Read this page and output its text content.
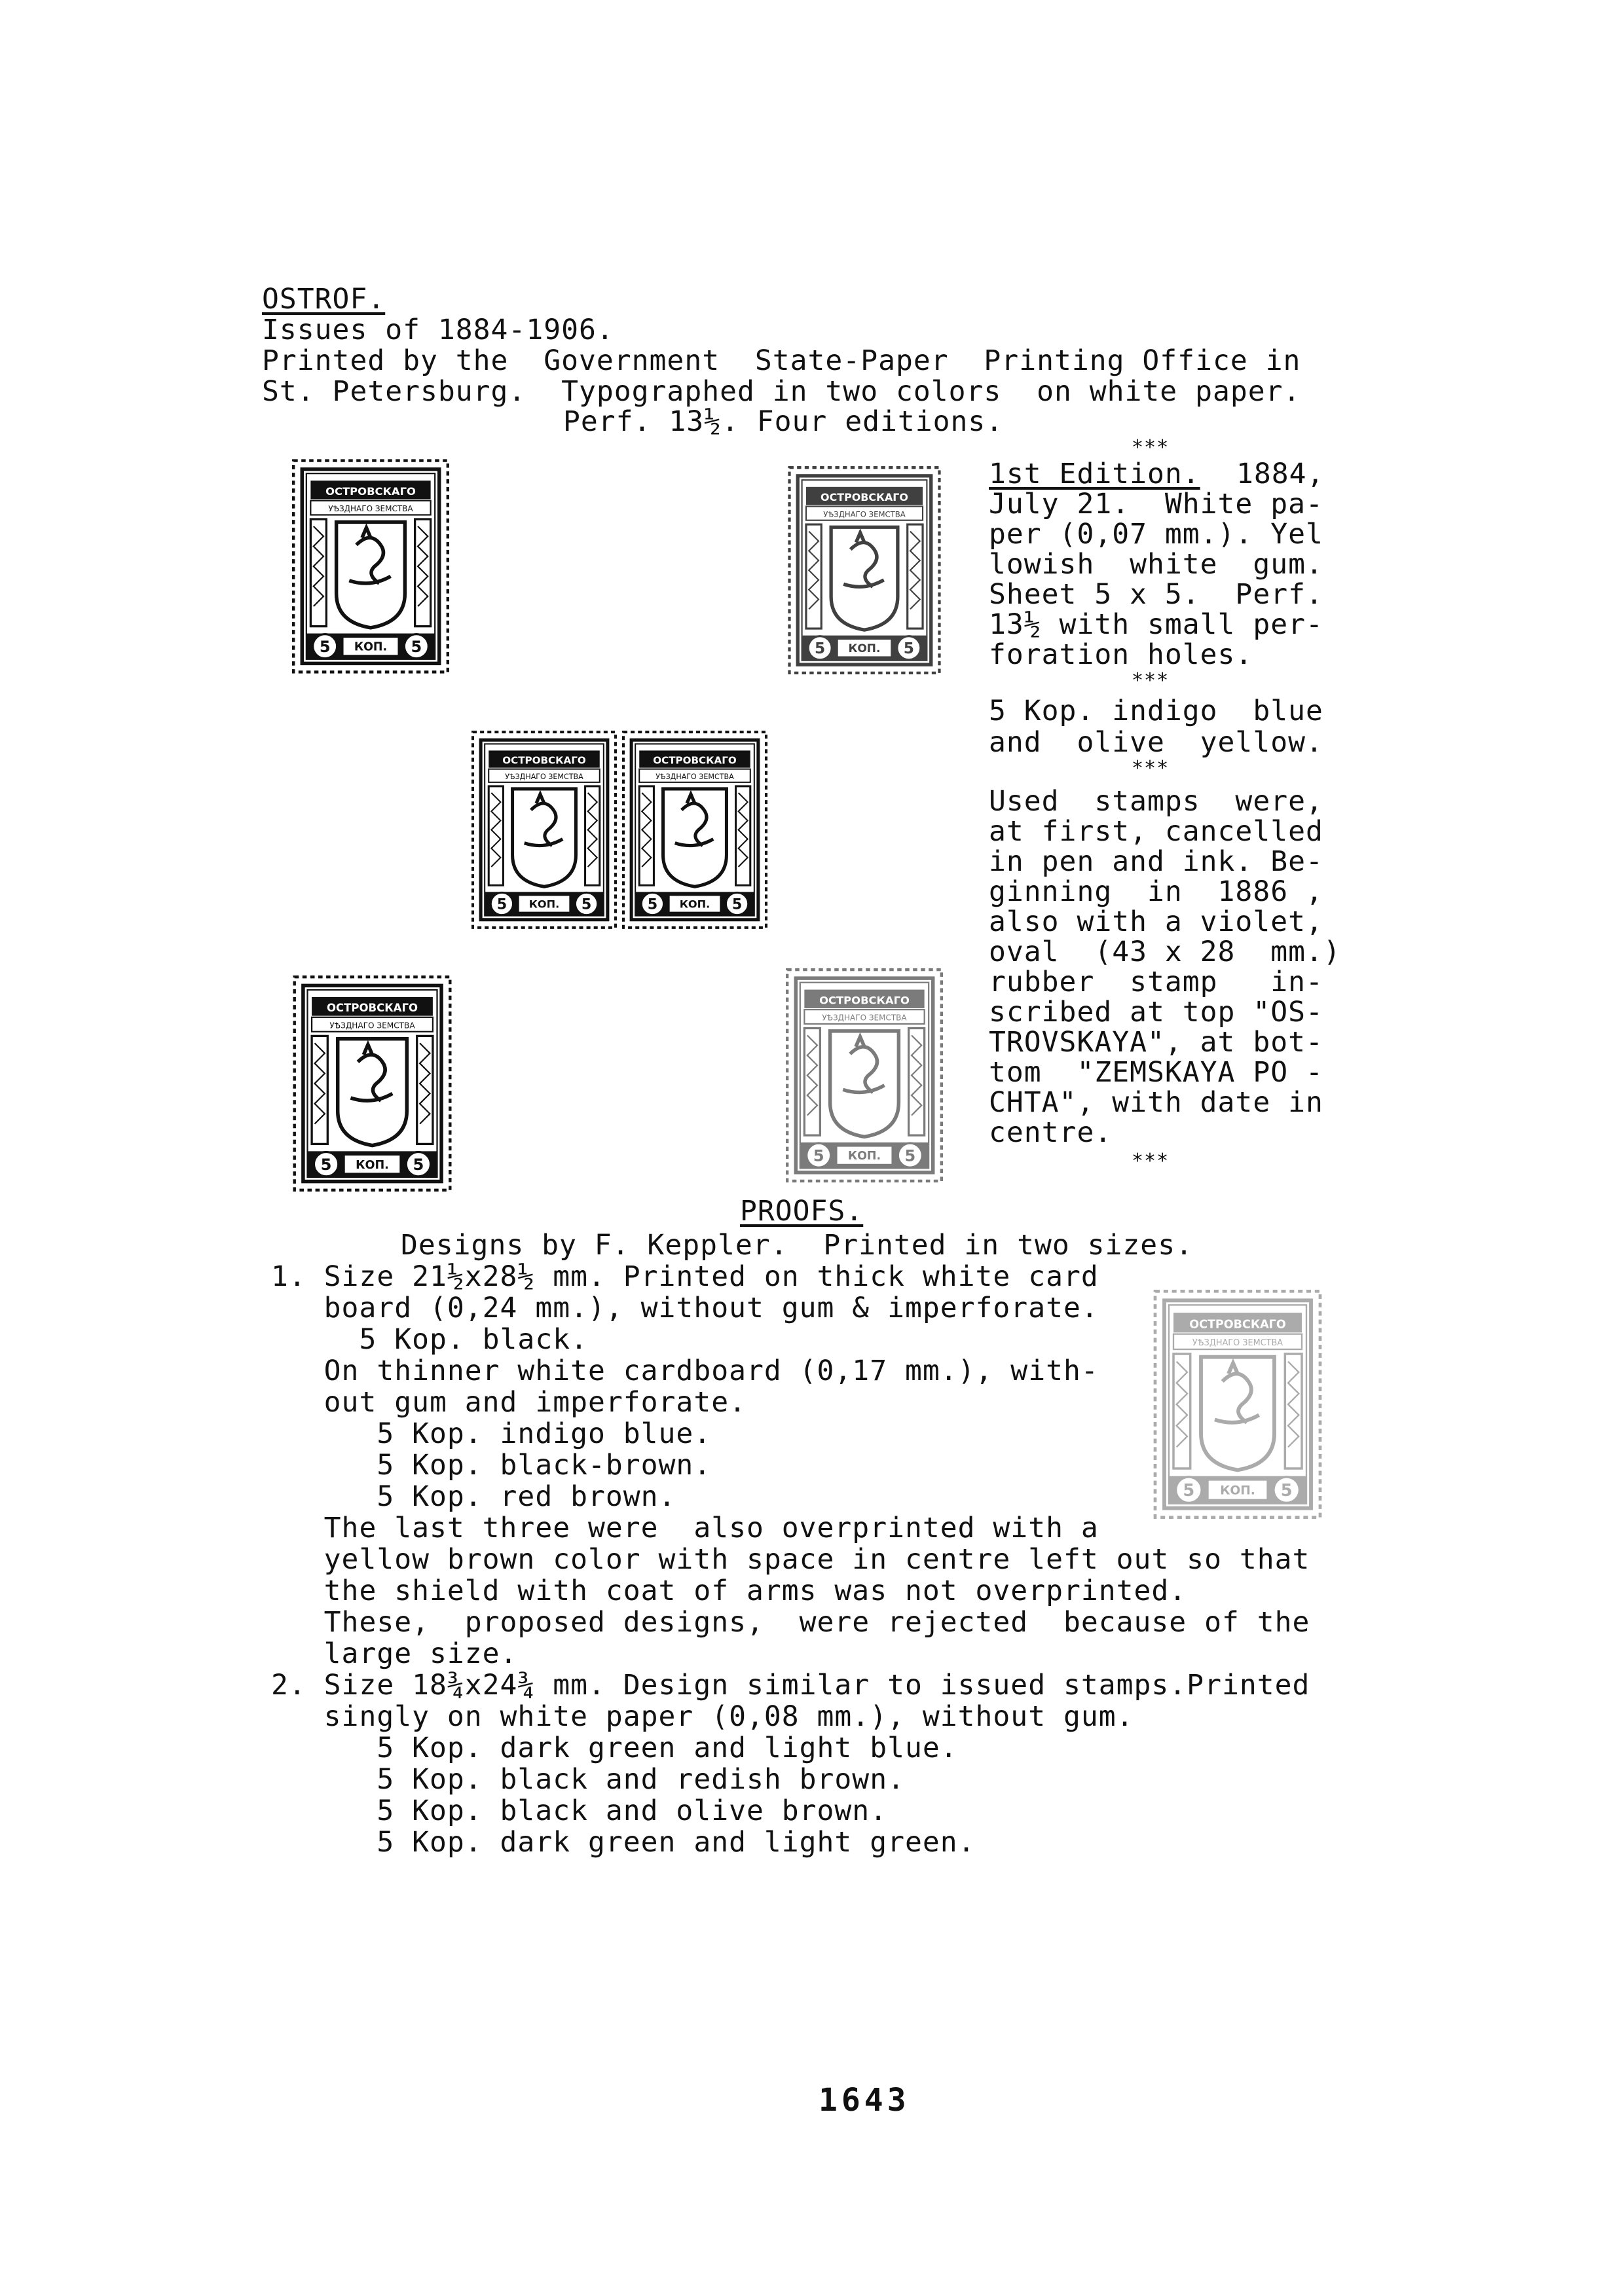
OSTROF.
Issues of 1884-1906.
Printed by the  Government  State-Paper  Printing Office in
St. Petersburg.  Typographed in two colors  on white paper.
Perf. 13½. Four editions.
***
1st Edition. 1884,
July 21.  White pa-
per (0,07 mm.). Yel
lowish  white  gum.
Sheet 5 x 5.  Perf.
13½ with small per-
foration holes.
***
5 Kop. indigo  blue
and  olive  yellow.
***
Used  stamps  were,
at first, cancelled
in pen and ink. Be-
ginning  in  1886 ,
also with a violet,
oval  (43 x 28  mm.)
rubber  stamp   in-
scribed at top "OS-
TROVSKAYA", at bot-
tom  "ZEMSKAYA PO -
CHTA", with date in
centre.
***
ОСТРОВСКАГО
УѢЗДНАГО ЗЕМСТВА
5	5
КОП.
ОСТРОВСКАГО
УѢЗДНАГО ЗЕМСТВА
5	5
КОП.
ОСТРОВСКАГО
УѢЗДНАГО ЗЕМСТВА
5	5
КОП.
ОСТРОВСКАГО
УѢЗДНАГО ЗЕМСТВА
5	5
КОП.
ОСТРОВСКАГО
УѢЗДНАГО ЗЕМСТВА
5	5
КОП.
ОСТРОВСКАГО
УѢЗДНАГО ЗЕМСТВА
5	5
КОП.
ОСТРОВСКАГО
УѢЗДНАГО ЗЕМСТВА
5	5
КОП.
PROOFS.
Designs by F. Keppler.  Printed in two sizes.
1. Size 21½x28½ mm. Printed on thick white card
board (0,24 mm.), without gum & imperforate.
5 Kop. black.
On thinner white cardboard (0,17 mm.), with-
out gum and imperforate.
5 Kop. indigo blue.
5 Kop. black-brown.
5 Kop. red brown.
The last three were  also overprinted with a
yellow brown color with space in centre left out so that
the shield with coat of arms was not overprinted.
These,  proposed designs,  were rejected  because of the
large size.
2. Size 18¾x24¾ mm. Design similar to issued stamps.Printed
singly on white paper (0,08 mm.), without gum.
5 Kop. dark green and light blue.
5 Kop. black and redish brown.
5 Kop. black and olive brown.
5 Kop. dark green and light green.
1643
